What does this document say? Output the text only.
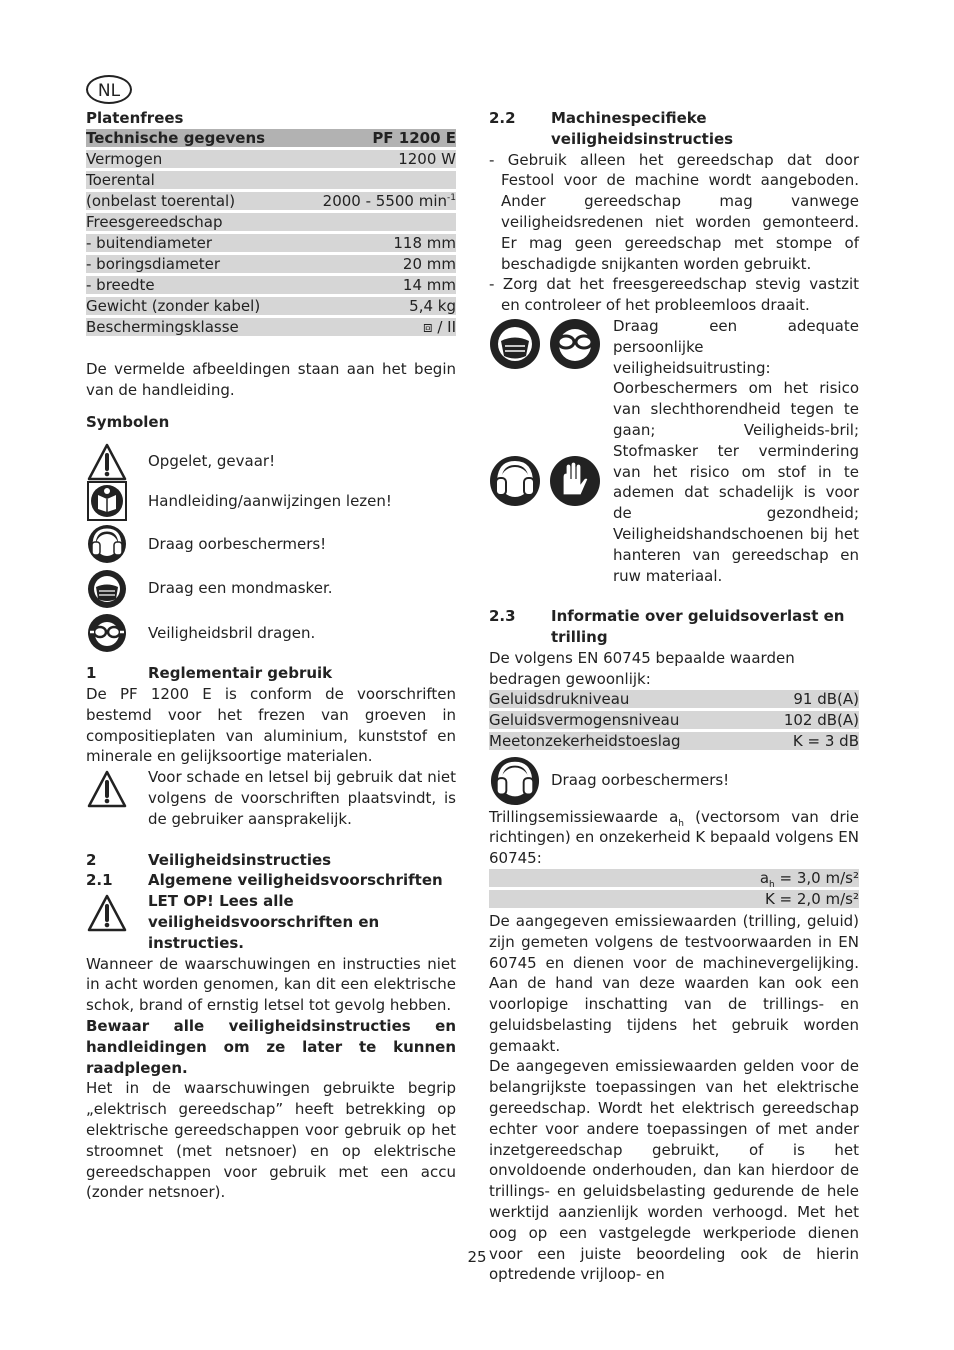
NL

Platenfrees

Technische gegevens	PF 1200 E
Vermogen	1200 W
Toerental	
(onbelast toerental)	2000 - 5500 $\min^{-1}$
Freesgereedschap	
- buitendiameter	118 mm
- boringsdiameter	20 mm
- breedte	14 mm
Gewicht (zonder kabel)	5,4 kg
Beschermingsklasse	⧈ / II

De vermelde afbeeldingen staan aan het begin van de handleiding.

Symbolen

Opgelet, gevaar!
Handleiding/aanwijzingen lezen!
Draag oorbeschermers!
Draag een mondmasker.
Veiligheidsbril dragen.
1	Reglementair gebruik

De PF 1200 E is conform de voorschriften bestemd voor het frezen van groeven in compositieplaten van aluminium, kunststof en minerale en gelijksoortige materialen.

Voor schade en letsel bij gebruik dat niet volgens de voorschriften plaatsvindt, is de gebruiker aansprakelijk.

2	Veiligheidsinstructies
2.1	Algemene veiligheidsvoorschriften

LET OP! Lees alle veiligheidsvoorschriften en instructies.

Wanneer de waarschuwingen en instructies niet in acht worden genomen, kan dit een elektrische schok, brand of ernstig letsel tot gevolg hebben.

Bewaar alle veiligheidsinstructies en handleidingen om ze later te kunnen raadplegen.

Het in de waarschuwingen gebruikte begrip „elektrisch gereedschap” heeft betrekking op elektrische gereedschappen voor gebruik op het stroomnet (met netsnoer) en op elektrische gereedschappen voor gebruik met een accu (zonder netsnoer).

2.2	Machinespecifieke veiligheidsinstructies

- Gebruik alleen het gereedschap dat door Festool voor de machine wordt aangeboden. Ander gereedschap mag vanwege veiligheidsredenen niet worden gemonteerd. Er mag geen gereedschap met stompe of beschadigde snijkanten worden gebruikt.

- Zorg dat het freesgereedschap stevig vastzit en controleer of het probleemloos draait.

Draag een adequate persoonlijke veiligheidsuitrusting: Oorbeschermers om het risico van slechthorendheid tegen te gaan; Veiligheids-bril; Stofmasker ter vermindering van het risico om stof in te ademen dat schadelijk is voor de gezondheid; Veiligheidshandschoenen bij het hanteren van gereedschap en ruw materiaal.

2.3	Informatie over geluidsoverlast en trilling

De volgens EN 60745 bepaalde waarden bedragen gewoonlijk:

Geluidsdrukniveau	91 dB(A)
Geluidsvermogensniveau	102 dB(A)
Meetonzekerheidstoeslag	K = 3 dB
Draag oorbeschermers!

Trillingsemissiewaarde $a_h$ (vectorsom van drie richtingen) en onzekerheid K bepaald volgens EN 60745:

$a_h = 3,0$ m/s²
K = 2,0 m/s²

De aangegeven emissiewaarden (trilling, geluid) zijn gemeten volgens de testvoorwaarden in EN 60745 en dienen voor de machinevergelijking. Aan de hand van deze waarden kan ook een voorlopige inschatting van de trillings- en geluidsbelasting tijdens het gebruik worden gemaakt.

De aangegeven emissiewaarden gelden voor de belangrijkste toepassingen van het elektrische gereedschap. Wordt het elektrisch gereedschap echter voor andere toepassingen of met ander inzetgereedschap gebruikt, of is het onvoldoende onderhouden, dan kan hierdoor de trillings- en geluidsbelasting gedurende de hele werktijd aanzienlijk worden verhoogd. Met het oog op een vastgelegde werkperiode dienen voor een juiste beoordeling ook de hierin optredende vrijloop- en

25
